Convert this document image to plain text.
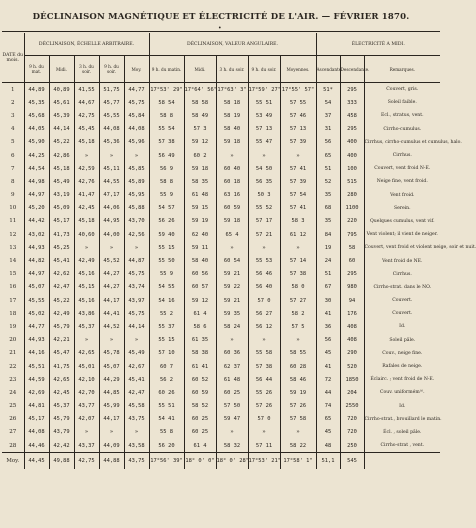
DÉCLINAISON MAGNÉTIQUE ET ÉLECTRICITÉ DE L'AIR. — FÉVRIER 1870.
•
DATE du mois.	DÉCLINAISON, ÉCHELLE ARBITRAIRE.					DÉCLINAISON, VALEUR ANGULAIRE.					ÉLECTRICITÉ A MIDI.		
	9 h. du mat.	Midi.	3 h. du soir.	9 h. du soir.	Moy.	9 h. du matin.	Midi.	3 h. du soir.	9 h. du soir.	Moyennes.	Ascendante.	Descendante.	Remarques.
1	44,89	40,89	41,55	51,75	44,77	17°53' 29"	17°64' 56"	17°63' 3"	17°59' 27"	17°55' 57"	51*	295	Couvert, gris.
2	45,35	45,61	44,67	45,77	45,75	58 54	58 58	58 18	55 51	57 55	54	333	Soleil faible.
3	45,68	45,39	42,75	45,55	45,84	58 8	58 49	58 19	53 49	57 46	37	458	Ecl., stratus, vent.
4	44,05	44,14	45,45	44,08	44,08	55 54	57 3	58 40	57 13	57 13	31	295	Cirrho-cumulus.
5	45,90	45,22	45,18	45,36	45,96	57 38	59 12	59 18	55 47	57 39	56	400	Cirrhus, cirrho-cumulus et cumulus, halo.
6	44,25	42,86	»	»	»	56 49	60 2	»	»	»	65	400	Cirrhus.
7	44,54	45,18	42,59	45,11	45,85	56 9	59 18	60 40	54 50	57 41	51	100	Couvert, vent froid N-E.
8	44,98	45,49	42,76	44,55	45,89	58 8	58 35	60 18	56 35	57 39	52	515	Neige fine, vent froid.
9	44,97	43,19	41,47	47,17	45,95	55 9	61 48	63 16	50 3	57 54	35	280	Vent froid.
10	45,20	45,09	42,45	44,06	45,88	54 57	59 15	60 59	55 52	57 41	68	1100	Serein.
11	44,42	45,17	45,18	44,95	43,70	56 26	59 19	59 18	57 17	58 3	35	220	Quelques cumulus, vent vif.
12	43,02	41,73	40,60	44,00	42,56	59 40	62 40	65 4	57 21	61 12	84	795	Vent violent; il vient de neiger.
13	44,93	45,25	»	»	»	55 15	59 11	»	»	»	19	58	Couvert, vent froid et violent neige, soir et nuit.
14	44,82	45,41	42,49	45,52	44,87	55 50	58 40	60 54	55 53	57 14	24	60	Vent froid de NE.
15	44,97	42,62	45,16	44,27	45,75	55 9	60 56	59 21	56 46	57 38	51	295	Cirrhus.
16	45,07	42,47	45,15	44,27	43,74	54 55	60 57	59 22	56 40	58 0	67	980	Cirrho-strat. dans le NO.
17	45,55	45,22	45,16	44,17	43,97	54 16	59 12	59 21	57 0	57 27	30	94	Couvert.
18	45,02	42,49	43,86	44,41	45,75	55 2	61 4	59 35	56 27	58 2	41	176	Couvert.
19	44,77	45,79	45,37	44,52	44,14	55 37	58 6	58 24	56 12	57 5	36	408	Id.
20	44,93	42,21	»	»	»	55 15	61 35	»	»	»	56	408	Soleil pâle.
21	44,16	45,47	42,65	45,78	45,49	57 10	58 38	60 36	55 58	58 55	45	290	Couv., neige fine.
22	45,51	41,75	45,01	45,07	42,67	60 7	61 41	62 37	57 38	60 28	41	520	Rafales de neige.
23	44,59	42,65	42,10	44,29	45,41	56 2	60 52	61 48	56 44	58 46	72	1850	Éclairc. ; vent froid de N-E.
24	42,69	42,45	42,70	44,85	42,47	60 26	60 59	60 25	55 26	59 19	44	204	Couv. uniformém⁽ᵗ⁾.
25	44,81	45,37	43,77	45,99	45,58	55 51	58 52	57 50	57 26	57 26	74	2550	Id.
26	45,17	45,79	42,07	44,17	43,75	54 41	60 25	59 47	57 0	57 58	65	720	Cirrho-strat., brouillard le matin.
27	44,08	43,79	»	»	»	55 8	60 25	»	»	»	45	720	Écl. , soleil pâle.
28	44,46	42,42	43,37	44,09	43,58	56 20	61 4	58 32	57 11	58 22	48	250	Cirrho-strat , vent.
Moy.	44,45	49,88	42,75	44,88	43,75	17°56' 39"	18° 0' 0"	18° 0' 28"	17°53' 21"	17°58' 1"	51,1	545	
